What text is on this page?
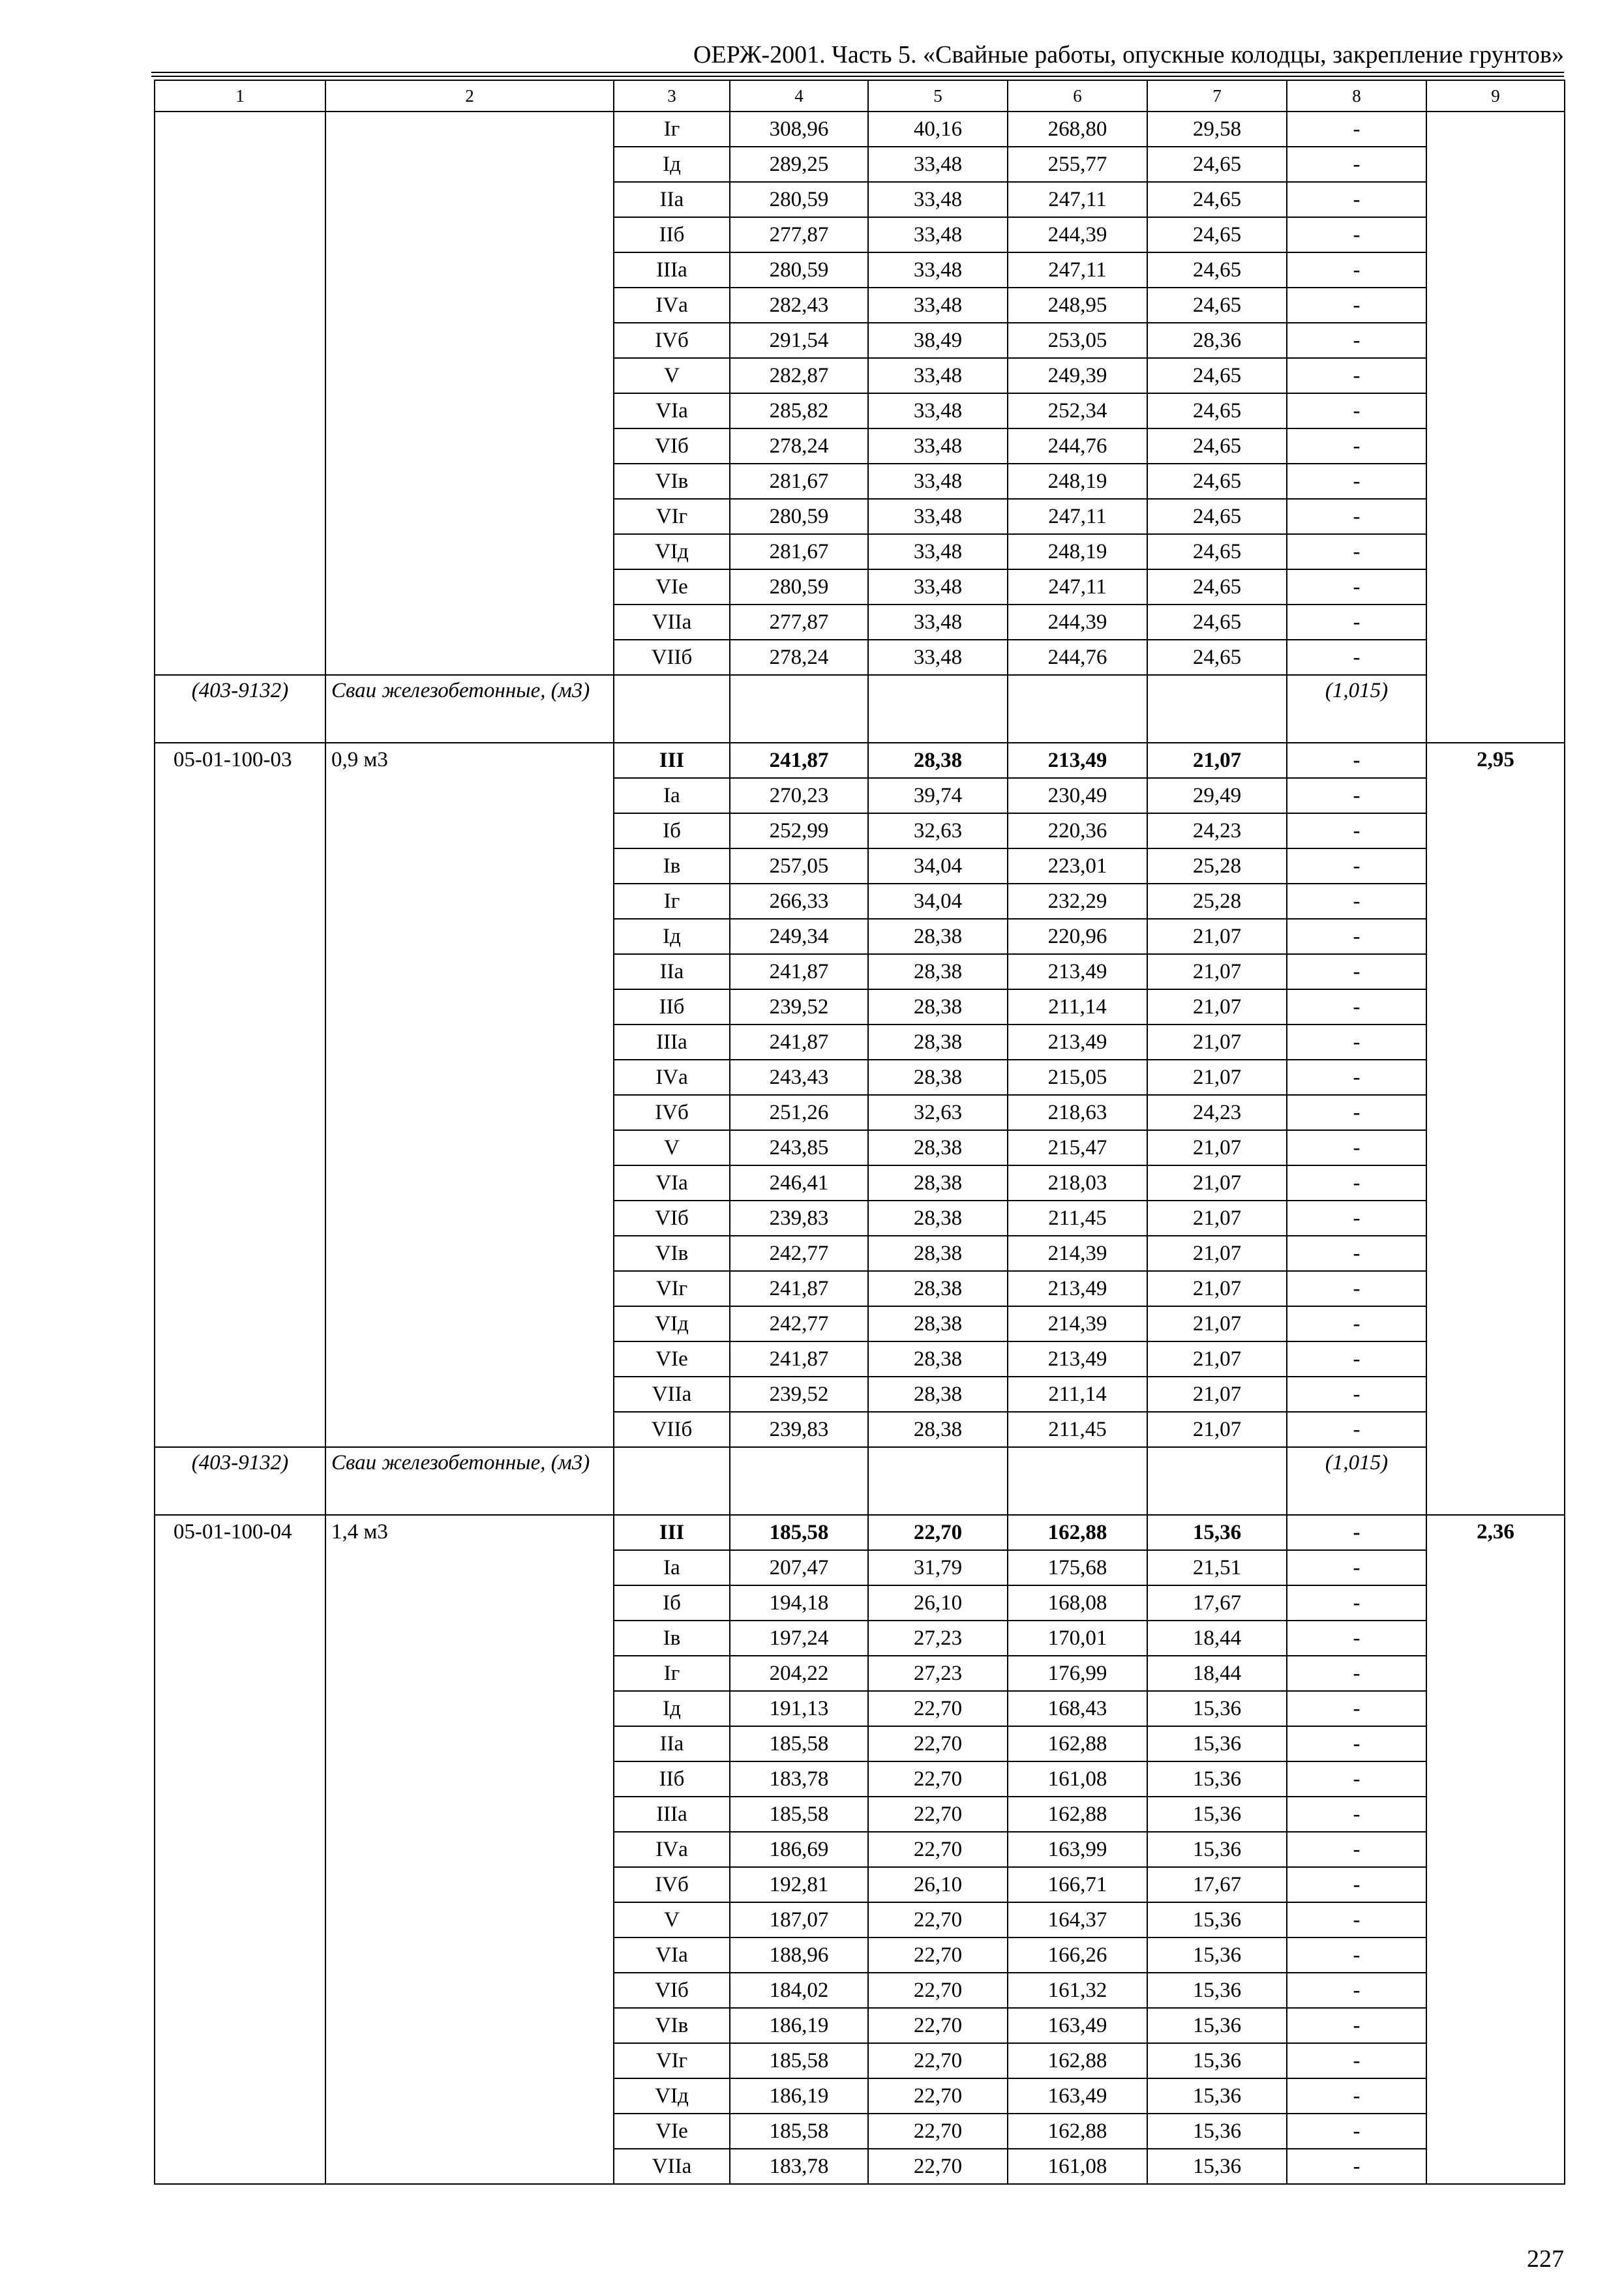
ОЕРЖ-2001. Часть 5. «Свайные работы, опускные колодцы, закрепление грунтов»
1	2	3	4	5	6	7	8	9
		Iг	308,96	40,16	268,80	29,58	-	
		Iд	289,25	33,48	255,77	24,65	-	
		IIа	280,59	33,48	247,11	24,65	-	
		IIб	277,87	33,48	244,39	24,65	-	
		IIIа	280,59	33,48	247,11	24,65	-	
		IVа	282,43	33,48	248,95	24,65	-	
		IVб	291,54	38,49	253,05	28,36	-	
		V	282,87	33,48	249,39	24,65	-	
		VIа	285,82	33,48	252,34	24,65	-	
		VIб	278,24	33,48	244,76	24,65	-	
		VIв	281,67	33,48	248,19	24,65	-	
		VIг	280,59	33,48	247,11	24,65	-	
		VIд	281,67	33,48	248,19	24,65	-	
		VIе	280,59	33,48	247,11	24,65	-	
		VIIа	277,87	33,48	244,39	24,65	-	
		VIIб	278,24	33,48	244,76	24,65	-	
(403-9132)	Сваи железобетонные, (м3)						(1,015)	
05-01-100-03	0,9 м3	III	241,87	28,38	213,49	21,07	-	2,95
		Iа	270,23	39,74	230,49	29,49	-	
		Iб	252,99	32,63	220,36	24,23	-	
		Iв	257,05	34,04	223,01	25,28	-	
		Iг	266,33	34,04	232,29	25,28	-	
		Iд	249,34	28,38	220,96	21,07	-	
		IIа	241,87	28,38	213,49	21,07	-	
		IIб	239,52	28,38	211,14	21,07	-	
		IIIа	241,87	28,38	213,49	21,07	-	
		IVа	243,43	28,38	215,05	21,07	-	
		IVб	251,26	32,63	218,63	24,23	-	
		V	243,85	28,38	215,47	21,07	-	
		VIа	246,41	28,38	218,03	21,07	-	
		VIб	239,83	28,38	211,45	21,07	-	
		VIв	242,77	28,38	214,39	21,07	-	
		VIг	241,87	28,38	213,49	21,07	-	
		VIд	242,77	28,38	214,39	21,07	-	
		VIе	241,87	28,38	213,49	21,07	-	
		VIIа	239,52	28,38	211,14	21,07	-	
		VIIб	239,83	28,38	211,45	21,07	-	
(403-9132)	Сваи железобетонные, (м3)						(1,015)	
05-01-100-04	1,4 м3	III	185,58	22,70	162,88	15,36	-	2,36
		Iа	207,47	31,79	175,68	21,51	-	
		Iб	194,18	26,10	168,08	17,67	-	
		Iв	197,24	27,23	170,01	18,44	-	
		Iг	204,22	27,23	176,99	18,44	-	
		Iд	191,13	22,70	168,43	15,36	-	
		IIа	185,58	22,70	162,88	15,36	-	
		IIб	183,78	22,70	161,08	15,36	-	
		IIIа	185,58	22,70	162,88	15,36	-	
		IVа	186,69	22,70	163,99	15,36	-	
		IVб	192,81	26,10	166,71	17,67	-	
		V	187,07	22,70	164,37	15,36	-	
		VIа	188,96	22,70	166,26	15,36	-	
		VIб	184,02	22,70	161,32	15,36	-	
		VIв	186,19	22,70	163,49	15,36	-	
		VIг	185,58	22,70	162,88	15,36	-	
		VIд	186,19	22,70	163,49	15,36	-	
		VIе	185,58	22,70	162,88	15,36	-	
		VIIа	183,78	22,70	161,08	15,36	-	
227
